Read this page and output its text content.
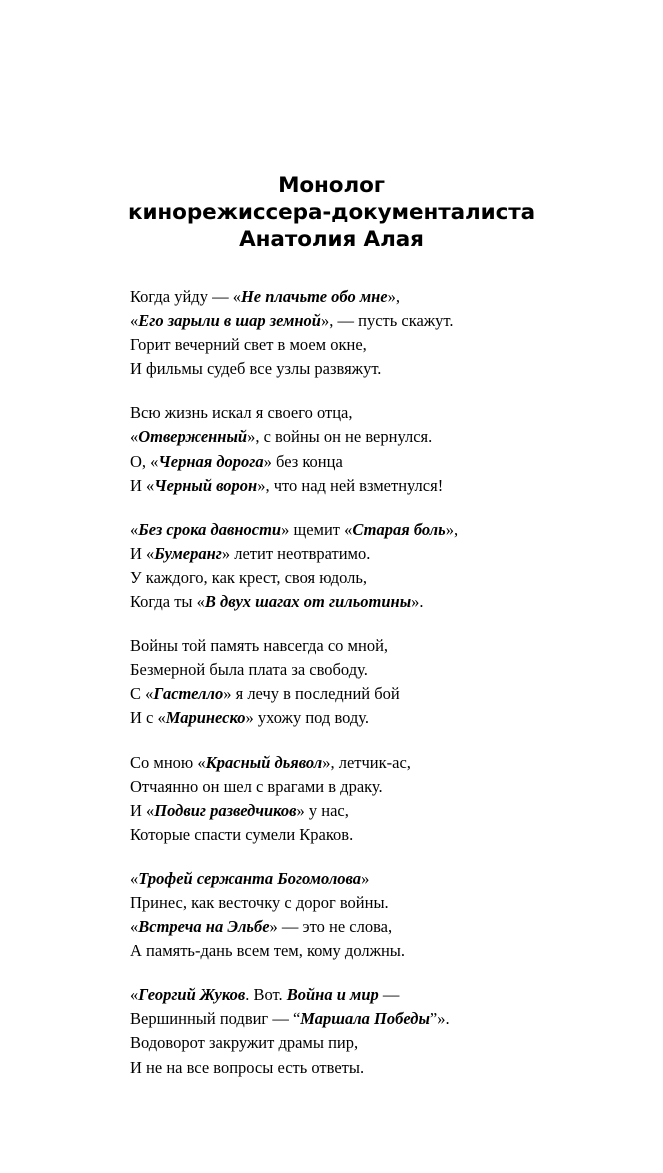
Монолог
кинорежиссера-документалиста
Анатолия Алая

Когда уйду — «Не плачьте обо мне»,
«Его зарыли в шар земной», — пусть скажут.
Горит вечерний свет в моем окне,
И фильмы судеб все узлы развяжут.

Всю жизнь искал я своего отца,
«Отверженный», с войны он не вернулся.
О, «Черная дорога» без конца
И «Черный ворон», что над ней взметнулся!

«Без срока давности» щемит «Старая боль»,
И «Бумеранг» летит неотвратимо.
У каждого, как крест, своя юдоль,
Когда ты «В двух шагах от гильотины».

Войны той память навсегда со мной,
Безмерной была плата за свободу.
С «Гастелло» я лечу в последний бой
И с «Маринеско» ухожу под воду.

Со мною «Красный дьявол», летчик-ас,
Отчаянно он шел с врагами в драку.
И «Подвиг разведчиков» у нас,
Которые спасти сумели Краков.

«Трофей сержанта Богомолова»
Принес, как весточку с дорог войны.
«Встреча на Эльбе» — это не слова,
А память-дань всем тем, кому должны.

«Георгий Жуков. Вот. Война и мир —
Вершинный подвиг — “Маршала Победы”».
Водоворот закружит драмы пир,
И не на все вопросы есть ответы.
